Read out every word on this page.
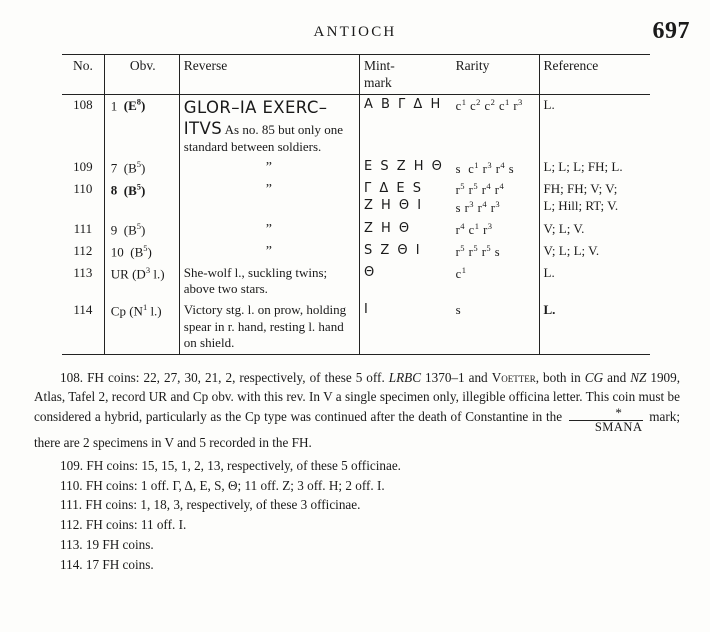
ANTIOCH	697
No.	Obv.	Reverse	Mint-
mark	Rarity	Reference
108	1  $(E^8)$	GLOR–IA EXERC–
ITVS As no. 85 but only one standard between soldiers.	A B Γ Δ H	$c^1$ $c^2$ $c^2$ $c^1$ $r^3$	L.
109	7  $(B^5)$	”	Ε S Z H Θ	s  $c^1$ $r^3$ $r^4$ s	L; L; L; FH; L.
110	8 $(B^5)$	”	Γ Δ Ε S
Z H Θ I	$r^5$ $r^5$ $r^4$ $r^4$
s $r^3$ $r^4$ $r^3$	FH; FH; V; V;
L; Hill; RT; V.
111	9  $(B^5)$	”	Z H Θ	$r^4$ $c^1$ $r^3$	V; L; V.
112	10  $(B^5)$	”	S Z Θ I	$r^5$ $r^5$ $r^5$ s	V; L; L; V.
113	UR ($D^3$ l.)	She-wolf l., suckling twins; above two stars.	Θ	$c^1$	L.
114	Cp ($N^1$ l.)	Victory stg. l. on prow, holding spear in r. hand, resting l. hand on shield.	I	s	L.

108. FH coins: 22, 27, 30, 21, 2, respectively, of these 5 off. LRBC 1370–1 and Voetter, both in CG and NZ 1909, Atlas, Tafel 2, record UR and Cp obv. with this rev. In V a single specimen only, illegible officina letter. This coin must be considered a hybrid, particularly as the Cp type was continued after the death of Constantine in the $\frac{*}{\text{SMANA}}$ mark; there are 2 specimens in V and 5 recorded in the FH.

109. FH coins: 15, 15, 1, 2, 13, respectively, of these 5 officinae.

110. FH coins: 1 off. Γ, Δ, Ε, S, Θ; 11 off. Z; 3 off. H; 2 off. I.

111. FH coins: 1, 18, 3, respectively, of these 3 officinae.

112. FH coins: 11 off. I.

113. 19 FH coins.

114. 17 FH coins.
